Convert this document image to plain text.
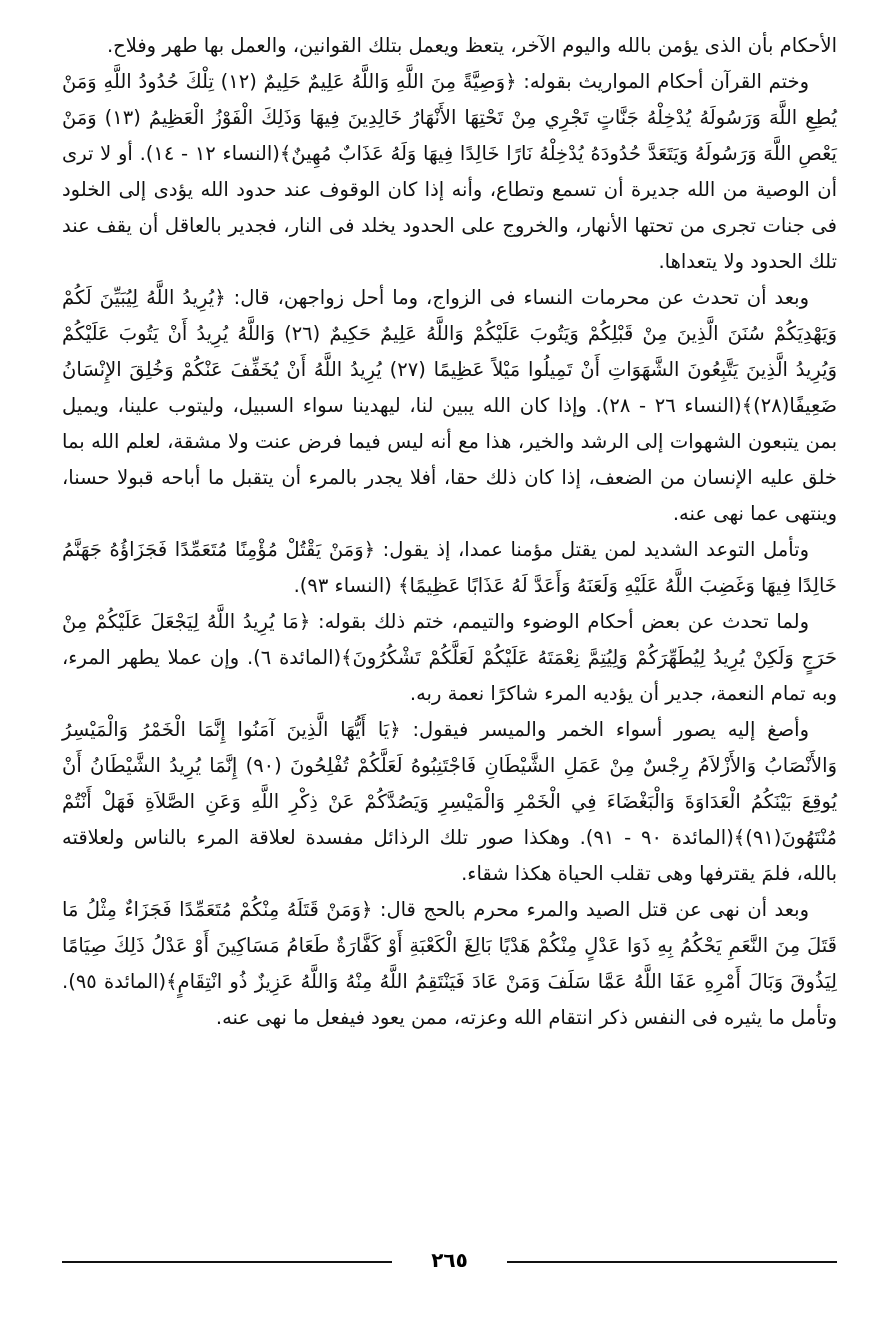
الأحكام بأن الذى يؤمن بالله واليوم الآخر، يتعظ ويعمل بتلك القوانين، والعمل بها طهر وفلاح.

وختم القرآن أحكام المواريث بقوله: ﴿وَصِيَّةً مِنَ اللَّهِ وَاللَّهُ عَلِيمٌ حَلِيمٌ (١٢) تِلْكَ حُدُودُ اللَّهِ وَمَنْ يُطِعِ اللَّهَ وَرَسُولَهُ يُدْخِلْهُ جَنَّاتٍ تَجْرِي مِنْ تَحْتِهَا الأَنْهَارُ خَالِدِينَ فِيهَا وَذَلِكَ الْفَوْزُ الْعَظِيمُ (١٣) وَمَنْ يَعْصِ اللَّهَ وَرَسُولَهُ وَيَتَعَدَّ حُدُودَهُ يُدْخِلْهُ نَارًا خَالِدًا فِيهَا وَلَهُ عَذَابٌ مُهِينٌ﴾(النساء ١٢ - ١٤). أو لا ترى أن الوصية من الله جديرة أن تسمع وتطاع، وأنه إذا كان الوقوف عند حدود الله يؤدى إلى الخلود فى جنات تجرى من تحتها الأنهار، والخروج على الحدود يخلد فى النار، فجدير بالعاقل أن يقف عند تلك الحدود ولا يتعداها.

وبعد أن تحدث عن محرمات النساء فى الزواج، وما أحل زواجهن، قال: ﴿يُرِيدُ اللَّهُ لِيُبَيِّنَ لَكُمْ وَيَهْدِيَكُمْ سُنَنَ الَّذِينَ مِنْ قَبْلِكُمْ وَيَتُوبَ عَلَيْكُمْ وَاللَّهُ عَلِيمٌ حَكِيمٌ (٢٦) وَاللَّهُ يُرِيدُ أَنْ يَتُوبَ عَلَيْكُمْ وَيُرِيدُ الَّذِينَ يَتَّبِعُونَ الشَّهَوَاتِ أَنْ تَمِيلُوا مَيْلاً عَظِيمًا (٢٧) يُرِيدُ اللَّهُ أَنْ يُخَفِّفَ عَنْكُمْ وَخُلِقَ الإِنْسَانُ ضَعِيفًا(٢٨)﴾(النساء ٢٦ - ٢٨). وإذا كان الله يبين لنا، ليهدينا سواء السبيل، وليتوب علينا، ويميل بمن يتبعون الشهوات إلى الرشد والخير، هذا مع أنه ليس فيما فرض عنت ولا مشقة، لعلم الله بما خلق عليه الإنسان من الضعف، إذا كان ذلك حقا، أفلا يجدر بالمرء أن يتقبل ما أباحه قبولا حسنا، وينتهى عما نهى عنه.

وتأمل التوعد الشديد لمن يقتل مؤمنا عمدا، إذ يقول: ﴿وَمَنْ يَقْتُلْ مُؤْمِنًا مُتَعَمِّدًا فَجَزَاؤُهُ جَهَنَّمُ خَالِدًا فِيهَا وَغَضِبَ اللَّهُ عَلَيْهِ وَلَعَنَهُ وَأَعَدَّ لَهُ عَذَابًا عَظِيمًا﴾ (النساء ٩٣).

ولما تحدث عن بعض أحكام الوضوء والتيمم، ختم ذلك بقوله: ﴿مَا يُرِيدُ اللَّهُ لِيَجْعَلَ عَلَيْكُمْ مِنْ حَرَجٍ وَلَكِنْ يُرِيدُ لِيُطَهِّرَكُمْ وَلِيُتِمَّ نِعْمَتَهُ عَلَيْكُمْ لَعَلَّكُمْ تَشْكُرُونَ﴾(المائدة ٦). وإن عملا يطهر المرء، وبه تمام النعمة، جدير أن يؤديه المرء شاكرًا نعمة ربه.

وأصغ إليه يصور أسواء الخمر والميسر فيقول: ﴿يَا أَيُّهَا الَّذِينَ آمَنُوا إِنَّمَا الْخَمْرُ وَالْمَيْسِرُ وَالأَنْصَابُ وَالأَزْلاَمُ رِجْسٌ مِنْ عَمَلِ الشَّيْطَانِ فَاجْتَنِبُوهُ لَعَلَّكُمْ تُفْلِحُونَ (٩٠) إِنَّمَا يُرِيدُ الشَّيْطَانُ أَنْ يُوقِعَ بَيْنَكُمُ الْعَدَاوَةَ وَالْبَغْضَاءَ فِي الْخَمْرِ وَالْمَيْسِرِ وَيَصُدَّكُمْ عَنْ ذِكْرِ اللَّهِ وَعَنِ الصَّلاَةِ فَهَلْ أَنْتُمْ مُنْتَهُونَ(٩١)﴾(المائدة ٩٠ - ٩١). وهكذا صور تلك الرذائل مفسدة لعلاقة المرء بالناس ولعلاقته بالله، فلمَ يقترفها وهى تقلب الحياة هكذا شقاء.

وبعد أن نهى عن قتل الصيد والمرء محرم بالحج قال: ﴿وَمَنْ قَتَلَهُ مِنْكُمْ مُتَعَمِّدًا فَجَزَاءٌ مِثْلُ مَا قَتَلَ مِنَ النَّعَمِ يَحْكُمُ بِهِ ذَوَا عَدْلٍ مِنْكُمْ هَدْيًا بَالِغَ الْكَعْبَةِ أَوْ كَفَّارَةٌ طَعَامُ مَسَاكِينَ أَوْ عَدْلُ ذَلِكَ صِيَامًا لِيَذُوقَ وَبَالَ أَمْرِهِ عَفَا اللَّهُ عَمَّا سَلَفَ وَمَنْ عَادَ فَيَنْتَقِمُ اللَّهُ مِنْهُ وَاللَّهُ عَزِيزٌ ذُو انْتِقَامٍ﴾(المائدة ٩٥). وتأمل ما يثيره فى النفس ذكر انتقام الله وعزته، ممن يعود فيفعل ما نهى عنه.

٢٦٥
